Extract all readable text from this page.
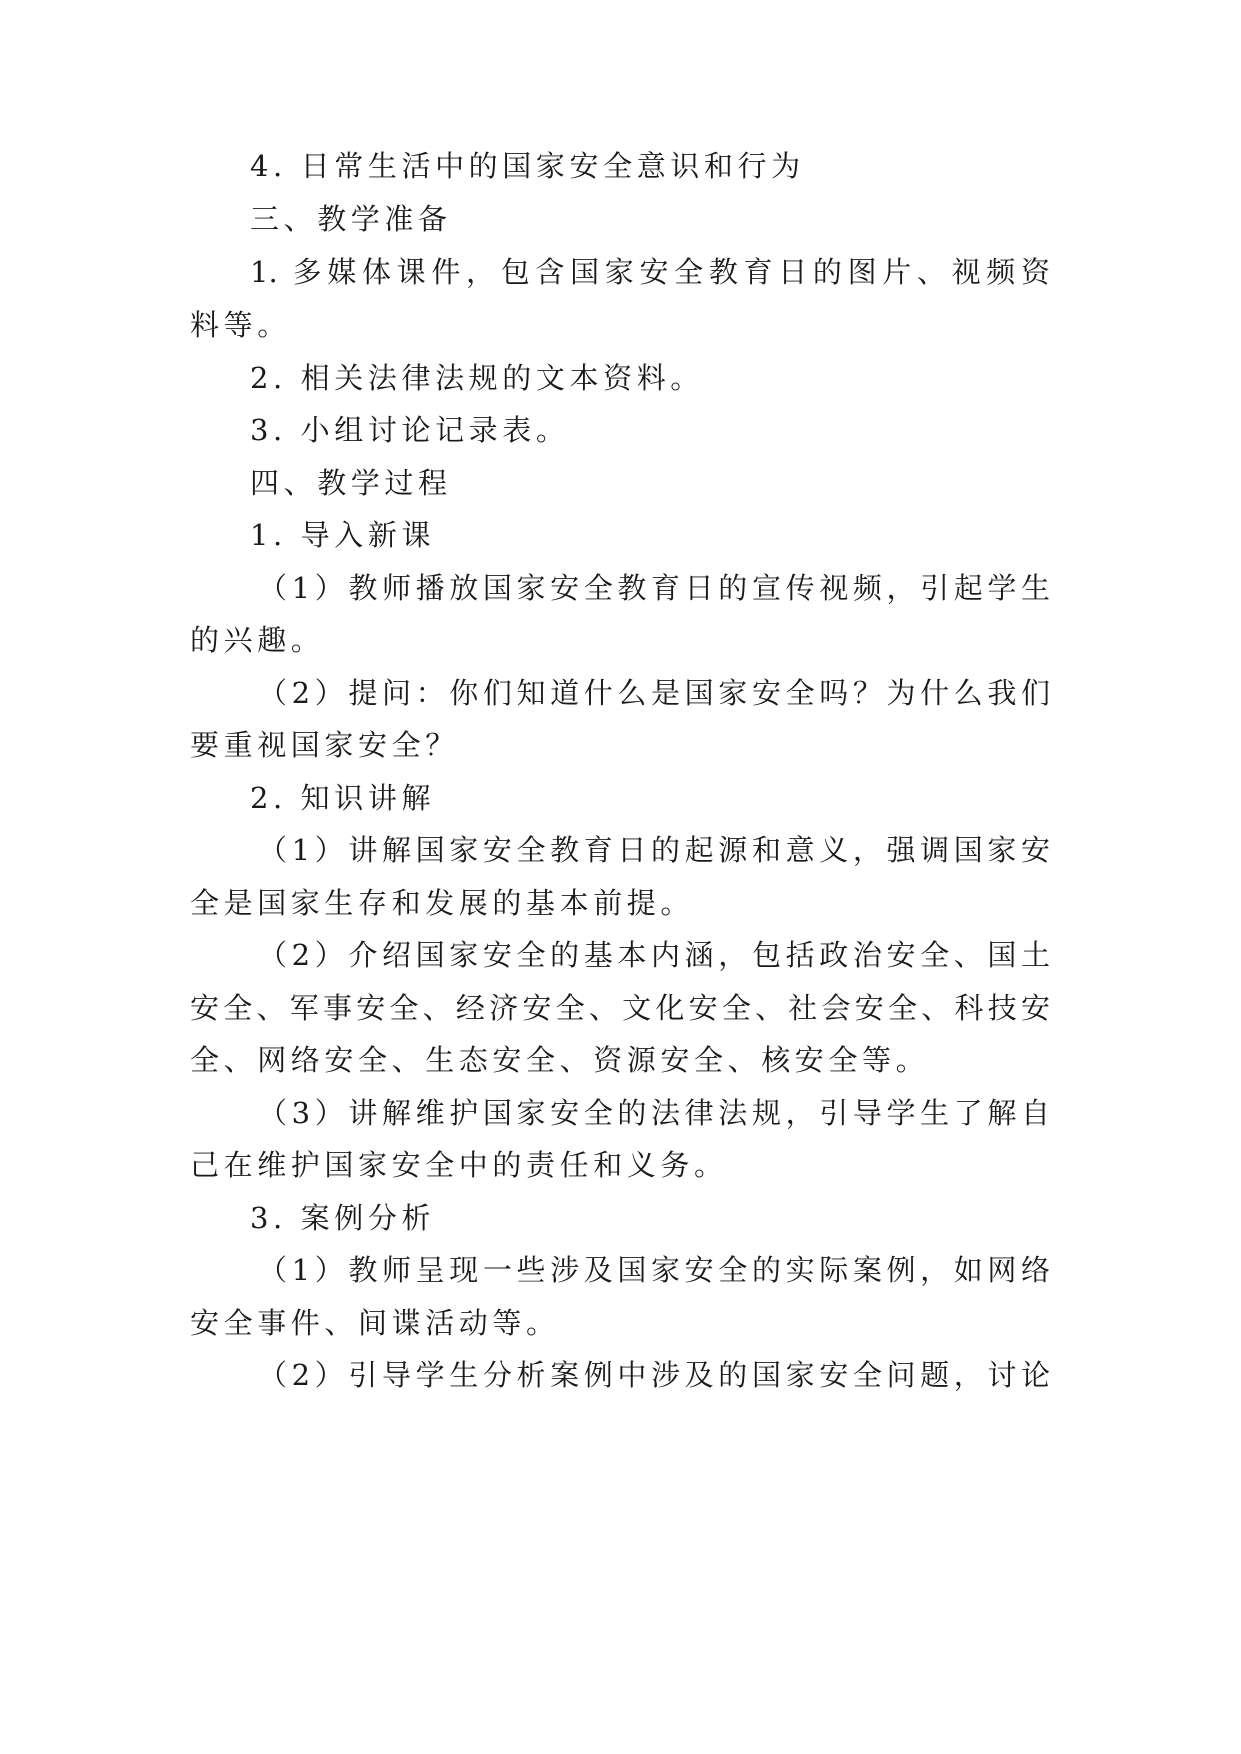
4. 日常生活中的国家安全意识和行为
三、教学准备
1. 多媒体课件，包含国家安全教育日的图片、视频资
料等。
2. 相关法律法规的文本资料。
3. 小组讨论记录表。
四、教学过程
1. 导入新课
（1）教师播放国家安全教育日的宣传视频，引起学生
的兴趣。
（2）提问：你们知道什么是国家安全吗？为什么我们
要重视国家安全？
2. 知识讲解
（1）讲解国家安全教育日的起源和意义，强调国家安
全是国家生存和发展的基本前提。
（2）介绍国家安全的基本内涵，包括政治安全、国土
安全、军事安全、经济安全、文化安全、社会安全、科技安
全、网络安全、生态安全、资源安全、核安全等。
（3）讲解维护国家安全的法律法规，引导学生了解自
己在维护国家安全中的责任和义务。
3. 案例分析
（1）教师呈现一些涉及国家安全的实际案例，如网络
安全事件、间谍活动等。
（2）引导学生分析案例中涉及的国家安全问题，讨论
